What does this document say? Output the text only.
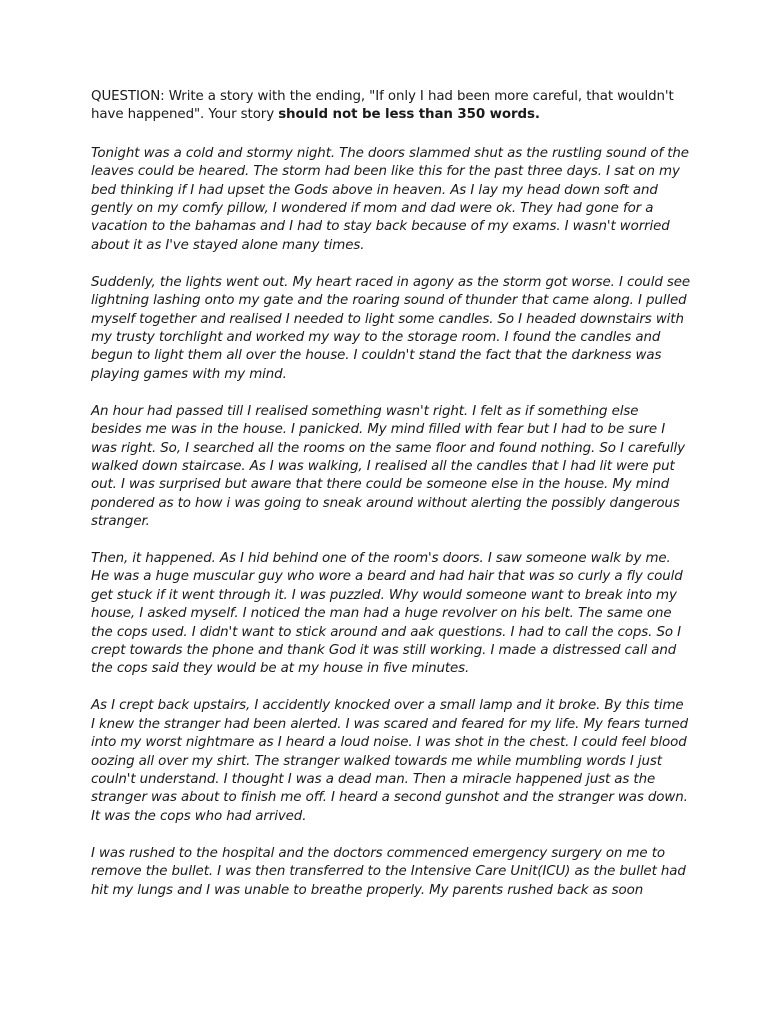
QUESTION: Write a story with the ending, "If only I had been more careful, that wouldn't have happened". Your story should not be less than 350 words.

Tonight was a cold and stormy night. The doors slammed shut as the rustling sound of the leaves could be heared. The storm had been like this for the past three days. I sat on my bed thinking if I had upset the Gods above in heaven. As I lay my head down soft and gently on my comfy pillow, I wondered if mom and dad were ok. They had gone for a vacation to the bahamas and I had to stay back because of my exams. I wasn't worried about it as I've stayed alone many times.

Suddenly, the lights went out. My heart raced in agony as the storm got worse. I could see lightning lashing onto my gate and the roaring sound of thunder that came along. I pulled myself together and realised I needed to light some candles. So I headed downstairs with my trusty torchlight and worked my way to the storage room. I found the candles and begun to light them all over the house. I couldn't stand the fact that the darkness was playing games with my mind.

An hour had passed till I realised something wasn't right. I felt as if something else besides me was in the house. I panicked. My mind filled with fear but I had to be sure I was right. So, I searched all the rooms on the same floor and found nothing. So I carefully walked down staircase. As I was walking, I realised all the candles that I had lit were put out. I was surprised but aware that there could be someone else in the house. My mind pondered as to how i was going to sneak around without alerting the possibly dangerous stranger.

Then, it happened. As I hid behind one of the room's doors. I saw someone walk by me. He was a huge muscular guy who wore a beard and had hair that was so curly a fly could get stuck if it went through it. I was puzzled. Why would someone want to break into my house, I asked myself. I noticed the man had a huge revolver on his belt. The same one the cops used. I didn't want to stick around and aak questions. I had to call the cops. So I crept towards the phone and thank God it was still working. I made a distressed call and the cops said they would be at my house in five minutes.

As I crept back upstairs, I accidently knocked over a small lamp and it broke. By this time I knew the stranger had been alerted. I was scared and feared for my life. My fears turned into my worst nightmare as I heard a loud noise. I was shot in the chest. I could feel blood oozing all over my shirt. The stranger walked towards me while mumbling words I just couln't understand. I thought I was a dead man. Then a miracle happened just as the stranger was about to finish me off. I heard a second gunshot and the stranger was down. It was the cops who had arrived.

I was rushed to the hospital and the doctors commenced emergency surgery on me to remove the bullet. I was then transferred to the Intensive Care Unit(ICU) as the bullet had hit my lungs and I was unable to breathe properly. My parents rushed back as soon
